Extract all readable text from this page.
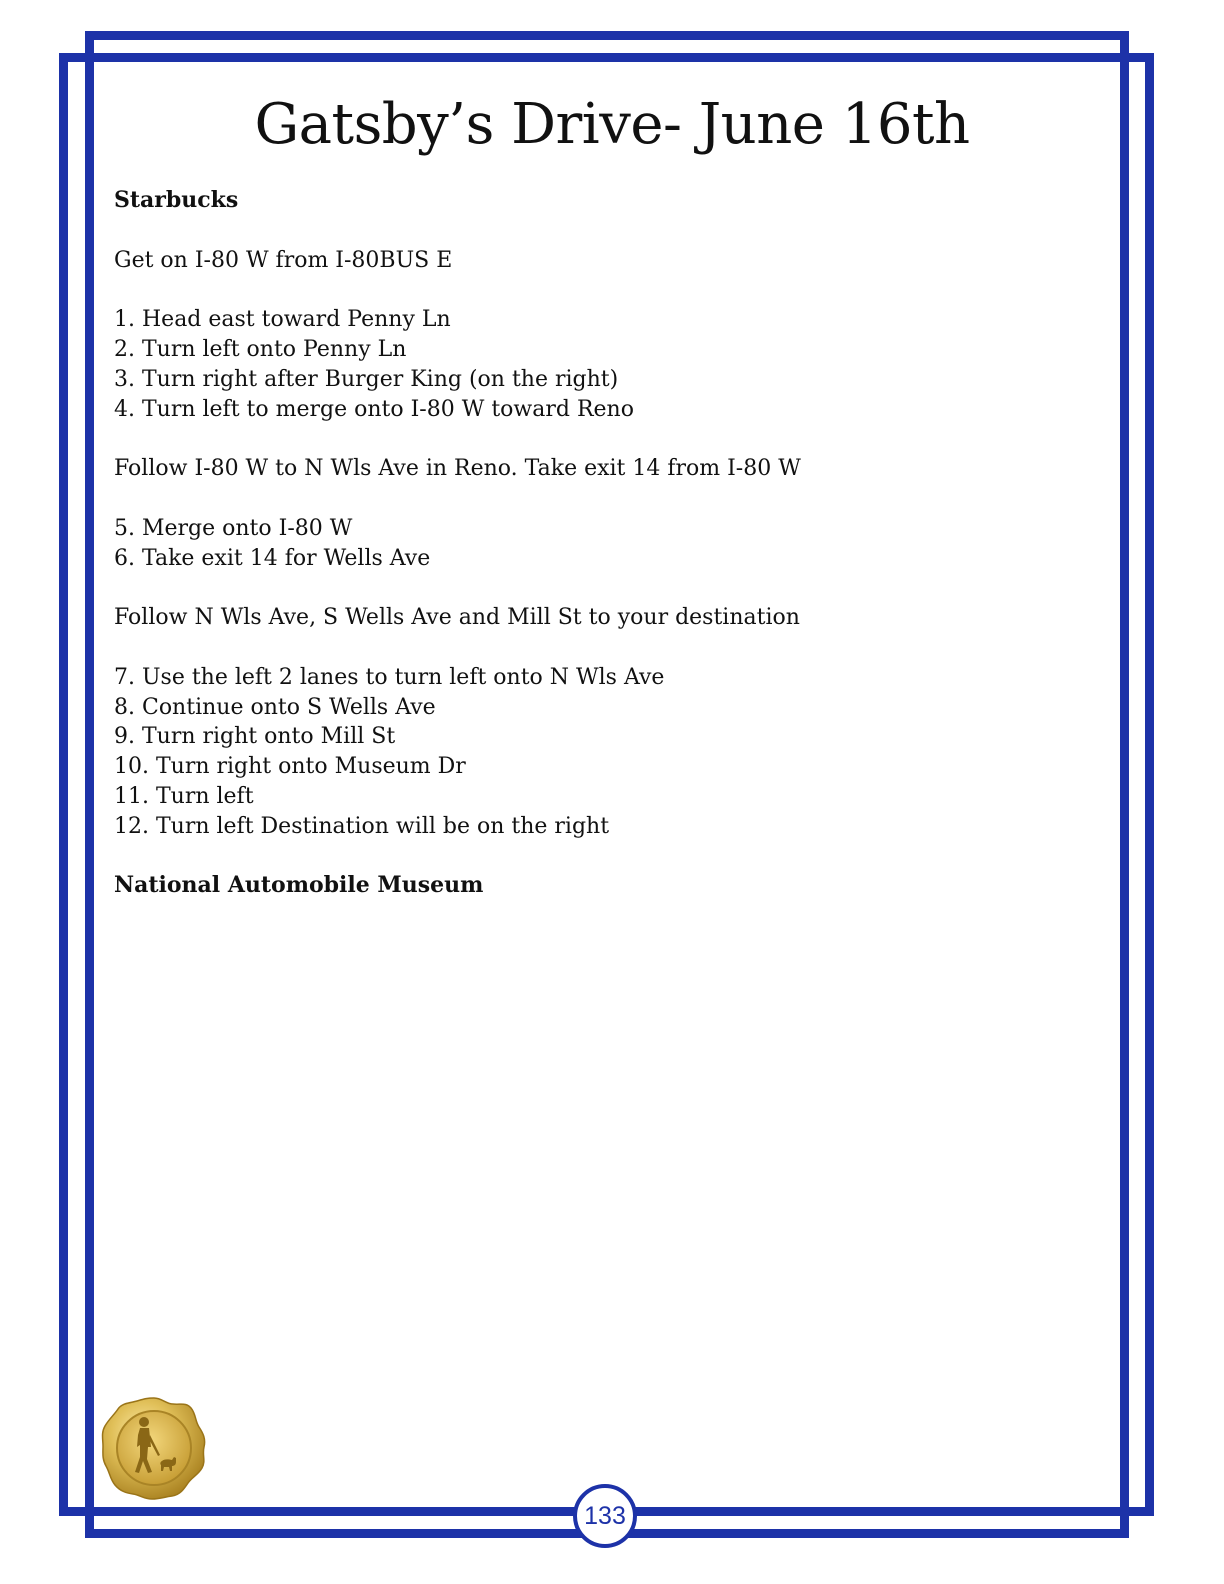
Gatsby’s Drive- June 16th
Starbucks
Get on I-80 W from I-80BUS E
1. Head east toward Penny Ln
2. Turn left onto Penny Ln
3. Turn right after Burger King (on the right)
4. Turn left to merge onto I-80 W toward Reno
Follow I-80 W to N Wls Ave in Reno. Take exit 14 from I-80 W
5. Merge onto I-80 W
6. Take exit 14 for Wells Ave
Follow N Wls Ave, S Wells Ave and Mill St to your destination
7. Use the left 2 lanes to turn left onto N Wls Ave
8. Continue onto S Wells Ave
9. Turn right onto Mill St
10. Turn right onto Museum Dr
11. Turn left
12. Turn left Destination will be on the right
National Automobile Museum
133
